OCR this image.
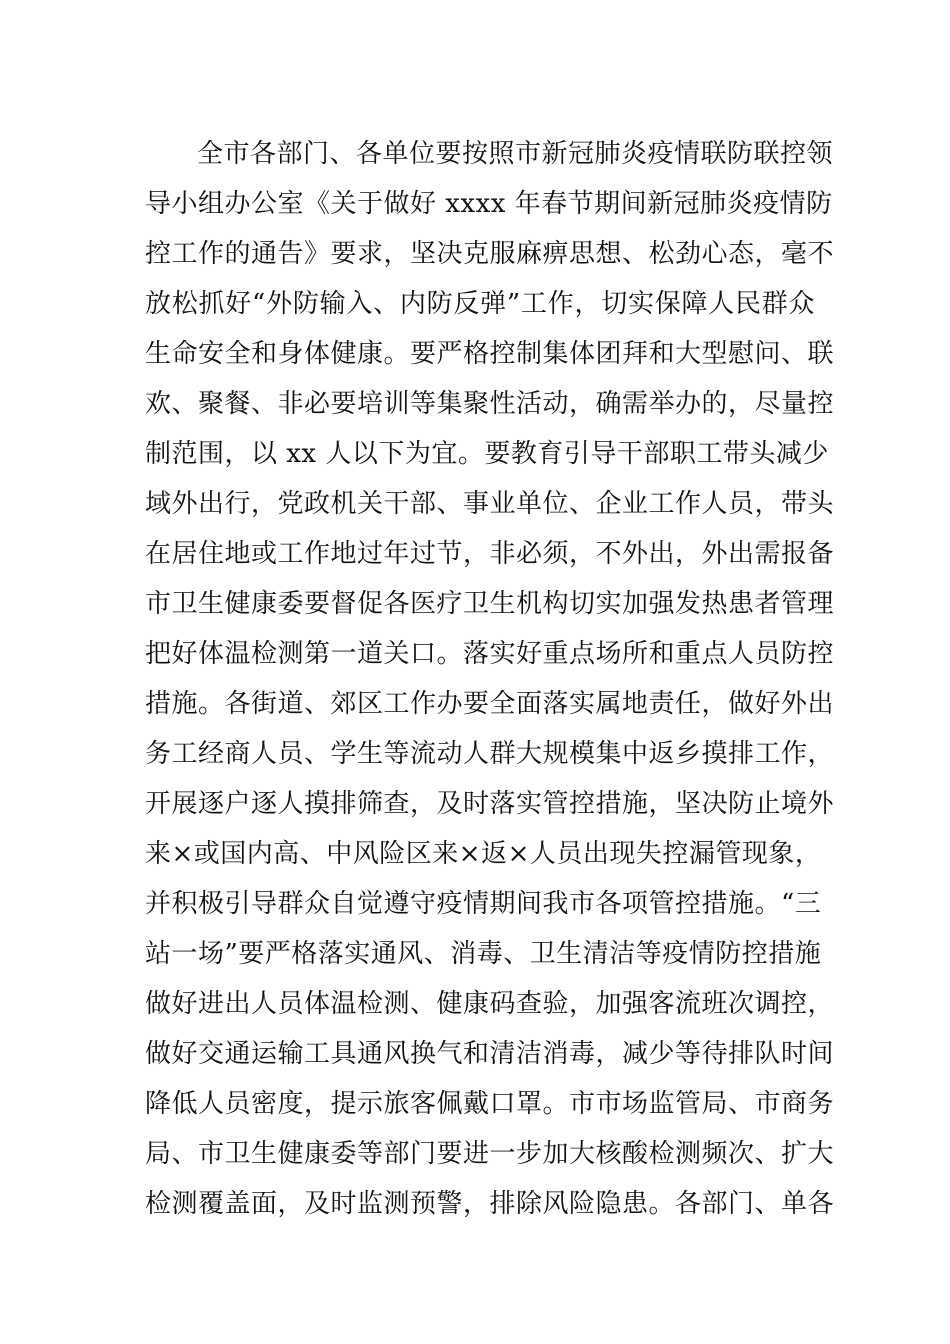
全市各部门、各单位要按照市新冠肺炎疫情联防联控领
导小组办公室《关于做好 xxxx 年春节期间新冠肺炎疫情防
控工作的通告》要求，坚决克服麻痹思想、松劲心态，毫不
放松抓好“外防输入、内防反弹”工作，切实保障人民群众
生命安全和身体健康。要严格控制集体团拜和大型慰问、联
欢、聚餐、非必要培训等集聚性活动，确需举办的，尽量控
制范围，以 xx 人以下为宜。要教育引导干部职工带头减少
域外出行，党政机关干部、事业单位、企业工作人员，带头
在居住地或工作地过年过节，非必须，不外出，外出需报备
市卫生健康委要督促各医疗卫生机构切实加强发热患者管理
把好体温检测第一道关口。落实好重点场所和重点人员防控
措施。各街道、郊区工作办要全面落实属地责任，做好外出
务工经商人员、学生等流动人群大规模集中返乡摸排工作，
开展逐户逐人摸排筛查，及时落实管控措施，坚决防止境外
来×或国内高、中风险区来×返×人员出现失控漏管现象，
并积极引导群众自觉遵守疫情期间我市各项管控措施。“三
站一场”要严格落实通风、消毒、卫生清洁等疫情防控措施
做好进出人员体温检测、健康码查验，加强客流班次调控，
做好交通运输工具通风换气和清洁消毒，减少等待排队时间
降低人员密度，提示旅客佩戴口罩。市市场监管局、市商务
局、市卫生健康委等部门要进一步加大核酸检测频次、扩大
检测覆盖面，及时监测预警，排除风险隐患。各部门、单各
